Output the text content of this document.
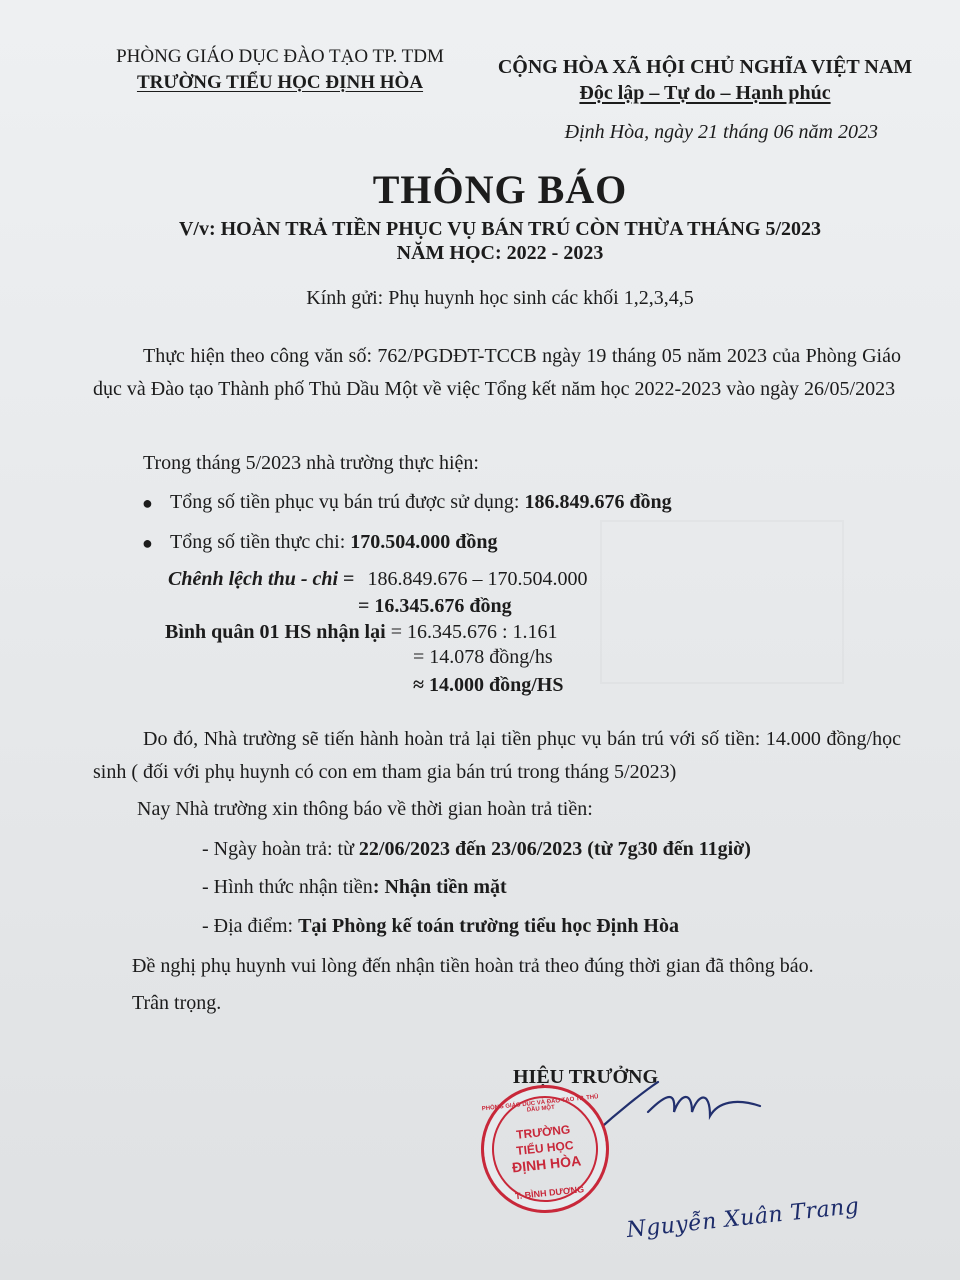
PHÒNG GIÁO DỤC ĐÀO TẠO TP. TDM
TRƯỜNG TIỂU HỌC ĐỊNH HÒA
CỘNG HÒA XÃ HỘI CHỦ NGHĨA VIỆT NAM
Độc lập – Tự do – Hạnh phúc
Định Hòa, ngày 21 tháng 06 năm 2023
THÔNG BÁO
V/v: HOÀN TRẢ TIỀN PHỤC VỤ BÁN TRÚ CÒN THỪA THÁNG 5/2023
NĂM HỌC: 2022 - 2023
Kính gửi: Phụ huynh học sinh các khối 1,2,3,4,5
Thực hiện theo công văn số: 762/PGDĐT-TCCB ngày 19 tháng 05 năm 2023 của Phòng Giáo dục và Đào tạo Thành phố Thủ Dầu Một về việc Tổng kết năm học 2022-2023 vào ngày 26/05/2023
Trong tháng 5/2023 nhà trường thực hiện:
● Tổng số tiền phục vụ bán trú được sử dụng: 186.849.676 đồng
● Tổng số tiền thực chi: 170.504.000 đồng
Chênh lệch thu - chi = 186.849.676 – 170.504.000
= 16.345.676 đồng
Bình quân 01 HS nhận lại = 16.345.676 : 1.161
= 14.078 đồng/hs
≈ 14.000 đồng/HS
Do đó, Nhà trường sẽ tiến hành hoàn trả lại tiền phục vụ bán trú với số tiền: 14.000 đồng/học sinh ( đối với phụ huynh có con em tham gia bán trú trong tháng 5/2023)
Nay Nhà trường xin thông báo về thời gian hoàn trả tiền:
- Ngày hoàn trả: từ 22/06/2023 đến 23/06/2023 (từ 7g30 đến 11giờ)
- Hình thức nhận tiền: Nhận tiền mặt
- Địa điểm: Tại Phòng kế toán trường tiểu học Định Hòa
Đề nghị phụ huynh vui lòng đến nhận tiền hoàn trả theo đúng thời gian đã thông báo.
Trân trọng.
HIỆU TRƯỞNG
PHÒNG GIÁO DỤC VÀ ĐÀO TẠO TP. THỦ DẦU MỘT
T. BÌNH DƯƠNG
TRƯỜNG
TIỂU HỌC
ĐỊNH HÒA
Nguyễn Xuân Trang
